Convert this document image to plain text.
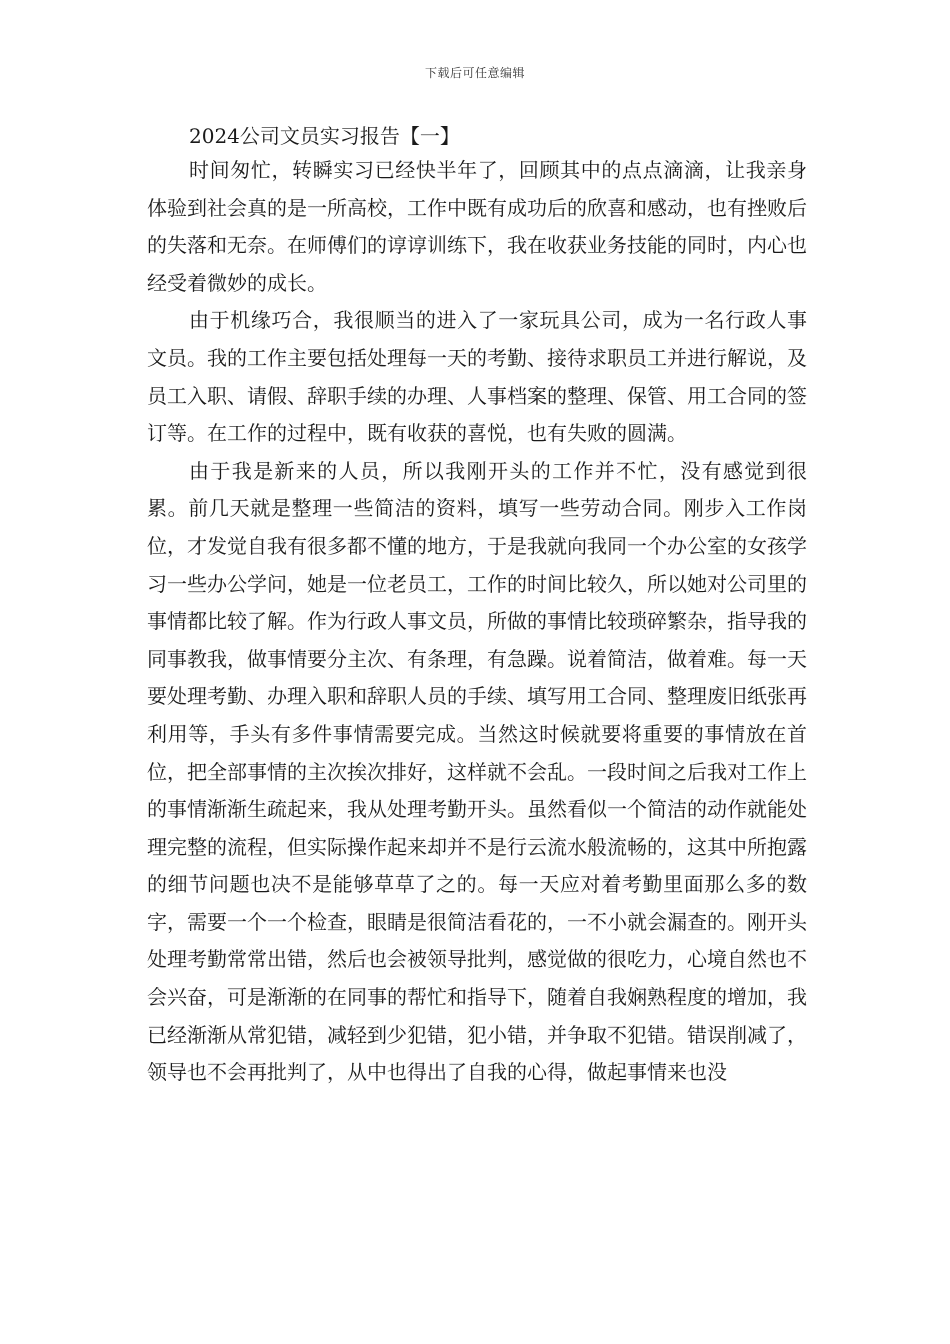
下载后可任意编辑
2024公司文员实习报告【一】

时间匆忙，转瞬实习已经快半年了，回顾其中的点点滴滴，让我亲身体验到社会真的是一所高校，工作中既有成功后的欣喜和感动，也有挫败后的失落和无奈。在师傅们的谆谆训练下，我在收获业务技能的同时，内心也经受着微妙的成长。

由于机缘巧合，我很顺当的进入了一家玩具公司，成为一名行政人事文员。我的工作主要包括处理每一天的考勤、接待求职员工并进行解说，及员工入职、请假、辞职手续的办理、人事档案的整理、保管、用工合同的签订等。在工作的过程中，既有收获的喜悦，也有失败的圆满。

由于我是新来的人员，所以我刚开头的工作并不忙，没有感觉到很累。前几天就是整理一些简洁的资料，填写一些劳动合同。刚步入工作岗位，才发觉自我有很多都不懂的地方，于是我就向我同一个办公室的女孩学习一些办公学问，她是一位老员工，工作的时间比较久，所以她对公司里的事情都比较了解。作为行政人事文员，所做的事情比较琐碎繁杂，指导我的同事教我，做事情要分主次、有条理，有急躁。说着简洁，做着难。每一天要处理考勤、办理入职和辞职人员的手续、填写用工合同、整理废旧纸张再利用等，手头有多件事情需要完成。当然这时候就要将重要的事情放在首位，把全部事情的主次挨次排好，这样就不会乱。一段时间之后我对工作上的事情渐渐生疏起来，我从处理考勤开头。虽然看似一个简洁的动作就能处理完整的流程，但实际操作起来却并不是行云流水般流畅的，这其中所抱露的细节问题也决不是能够草草了之的。每一天应对着考勤里面那么多的数字，需要一个一个检查，眼睛是很简洁看花的，一不小就会漏查的。刚开头处理考勤常常出错，然后也会被领导批判，感觉做的很吃力，心境自然也不会兴奋，可是渐渐的在同事的帮忙和指导下，随着自我娴熟程度的增加，我已经渐渐从常犯错，减轻到少犯错，犯小错，并争取不犯错。错误削减了，领导也不会再批判了，从中也得出了自我的心得，做起事情来也没
